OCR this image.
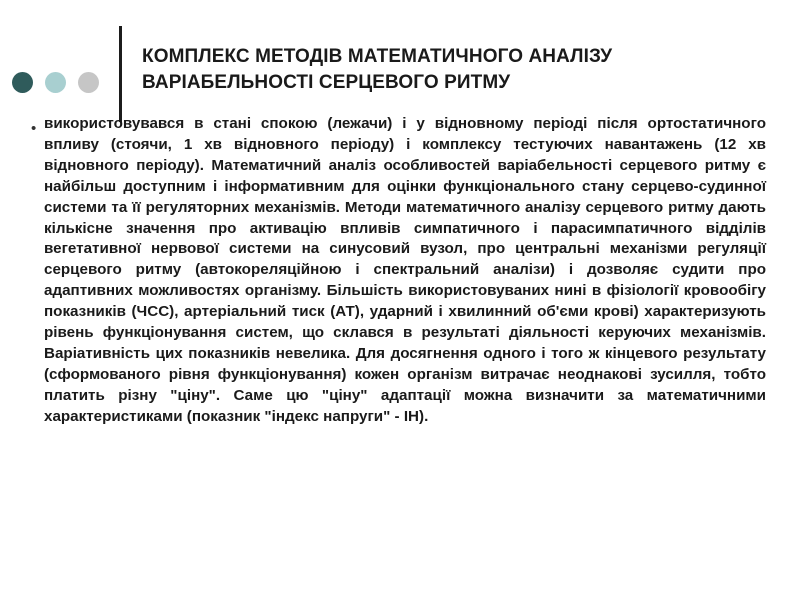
КОМПЛЕКС МЕТОДІВ МАТЕМАТИЧНОГО АНАЛІЗУ ВАРІАБЕЛЬНОСТІ СЕРЦЕВОГО РИТМУ
• використовувався в стані спокою (лежачи) і у відновному періоді після ортостатичного впливу (стоячи, 1 хв відновного періоду) і комплексу тестуючих навантажень (12 хв відновного періоду). Математичний аналіз особливостей варіабельності серцевого ритму є найбільш доступним і інформативним для оцінки функціонального стану серцево-судинної системи та її регуляторних механізмів. Методи математичного аналізу серцевого ритму дають кількісне значення про активацію впливів симпатичного і парасимпатичного відділів вегетативної нервової системи на синусовий вузол, про центральні механізми регуляції серцевого ритму (автокореляційною і спектральний аналізи) і дозволяє судити про адаптивних можливостях організму. Більшість використовуваних нині в фізіології кровообігу показників (ЧСС), артеріальний тиск (АТ), ударний і хвилинний об'єми крові) характеризують рівень функціонування систем, що склався в результаті діяльності керуючих механізмів. Варіативність цих показників невелика. Для досягнення одного і того ж кінцевого результату (сформованого рівня функціонування) кожен організм витрачає неоднакові зусилля, тобто платить різну "ціну". Саме цю "ціну" адаптації можна визначити за математичними характеристиками (показник "індекс напруги" - ІН).
